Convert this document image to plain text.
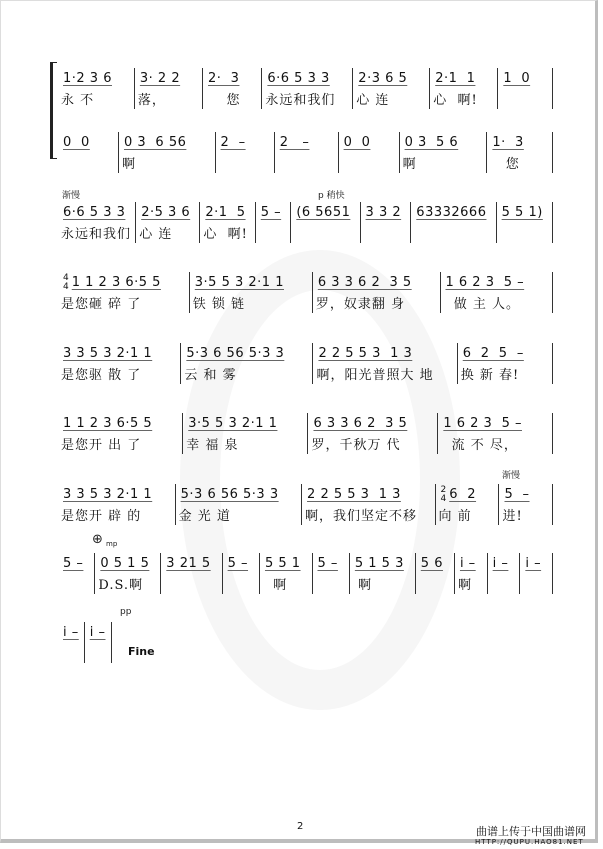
1·2 3 6
永 不
3· 2 2
落，
2·  3
您
6·6 5 3 3
永远和我们
2·3 6 5
心 连
2·1  1
心  啊!
1  0
0  0	0 3  6 56
啊
2  –	2   –	0  0	0 3  5 6
啊
1·  3
您
6·6 5 3 3
永远和我们
2·5 3 6
心 连
2·1  5
心  啊!
5 – (6 5651 3 3 2 63332666 5 5 1)
4
4 1 1 2 3 6·5 5
是您砸 碎 了
3·5 5 3 2·1 1
铁 锁 链
6 3 3 6 2  3 5
罗，奴隶翻 身
1 6 2 3  5 –
做 主 人。
3 3 5 3 2·1 1
是您驱 散 了
5·3 6 56 5·3 3
云 和 雾
2 2 5 5 3  1 3
啊，阳光普照大 地
6  2  5  –
换 新 春!
1 1 2 3 6·5 5
是您开 出 了
3·5 5 3 2·1 1
幸 福 泉
6 3 3 6 2  3 5
罗，千秋万 代
1 6 2 3  5 –
流 不 尽，
3 3 5 3 2·1 1
是您开 辟 的
5·3 6 56 5·3 3
金 光 道
2 2 5 5 3  1 3
啊，我们坚定不移
2
4 6  2
向 前
5  –
进!
5 – 0 5 1 5
D.S.啊
3 21 5 5 – 5 5 1
啊
5 – 5 1 5 3
啊
5 6 i –
啊
i – i –
i – i –
渐慢	p 稍快
渐慢
⊕ mp
pp
Fine
2	曲谱上传于中国曲谱网
HTTP://QUPU.HAO81.NET
